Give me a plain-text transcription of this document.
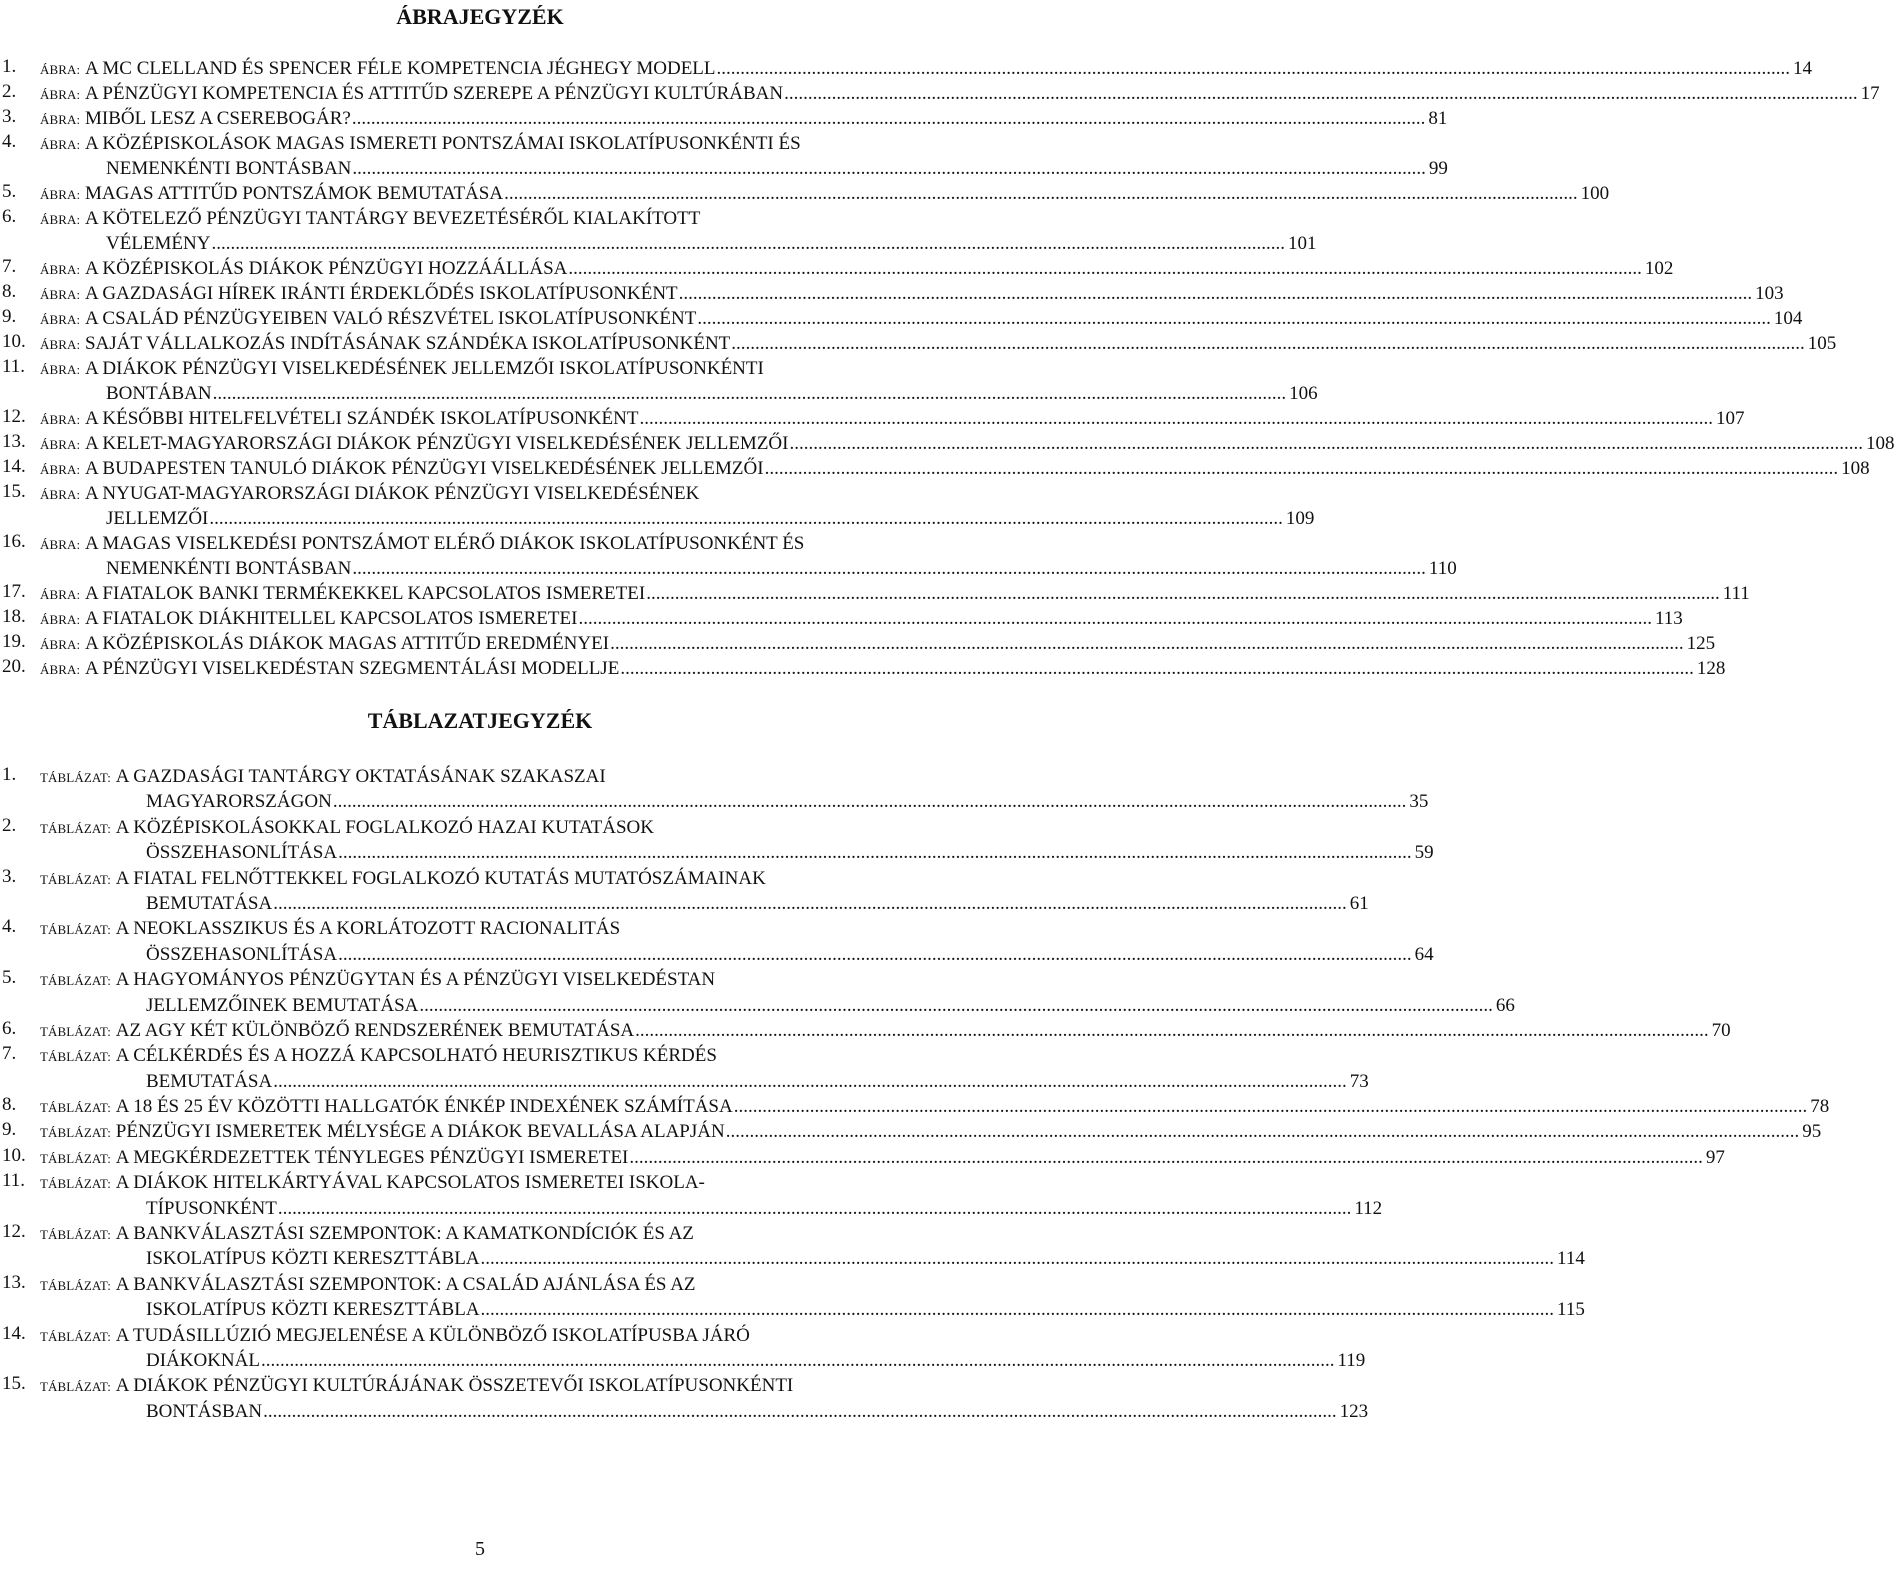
ÁBRAJEGYZÉK
1.	ÁBRA:
A MC CLELLAND ÉS SPENCER FÉLE KOMPETENCIA JÉGHEGY MODELL .....	14
2.	ÁBRA:
A PÉNZÜGYI KOMPETENCIA ÉS ATTITŰD SZEREPE A PÉNZÜGYI KULTÚRÁBAN .....	17
3.	ÁBRA:
MIBŐL LESZ A CSEREBOGÁR? .....	81
4.	ÁBRA:
A KÖZÉPISKOLÁSOK MAGAS ISMERETI PONTSZÁMAI ISKOLATÍPUSONKÉNTI ÉS
NEMENKÉNTI BONTÁSBAN .....	99
5.	ÁBRA:
MAGAS ATTITŰD PONTSZÁMOK BEMUTATÁSA .....	100
6.	ÁBRA:
A KÖTELEZŐ PÉNZÜGYI TANTÁRGY BEVEZETÉSÉRŐL KIALAKÍTOTT
VÉLEMÉNY .....	101
7.	ÁBRA:
A KÖZÉPISKOLÁS DIÁKOK PÉNZÜGYI HOZZÁÁLLÁSA .....	102
8.	ÁBRA:
A GAZDASÁGI HÍREK IRÁNTI ÉRDEKLŐDÉS ISKOLATÍPUSONKÉNT .....	103
9.	ÁBRA:
A CSALÁD PÉNZÜGYEIBEN VALÓ RÉSZVÉTEL ISKOLATÍPUSONKÉNT .....	104
10.	ÁBRA:
SAJÁT VÁLLALKOZÁS INDÍTÁSÁNAK SZÁNDÉKA ISKOLATÍPUSONKÉNT .....	105
11.	ÁBRA:
A DIÁKOK PÉNZÜGYI VISELKEDÉSÉNEK JELLEMZŐI ISKOLATÍPUSONKÉNTI
BONTÁBAN .....	106
12.	ÁBRA:
A KÉSŐBBI HITELFELVÉTELI SZÁNDÉK ISKOLATÍPUSONKÉNT .....	107
13.	ÁBRA:
A KELET-MAGYARORSZÁGI DIÁKOK PÉNZÜGYI VISELKEDÉSÉNEK JELLEMZŐI .....	108
14.	ÁBRA:
A BUDAPESTEN TANULÓ DIÁKOK PÉNZÜGYI VISELKEDÉSÉNEK JELLEMZŐI .....	108
15.	ÁBRA:
A NYUGAT-MAGYARORSZÁGI DIÁKOK PÉNZÜGYI VISELKEDÉSÉNEK
JELLEMZŐI .....	109
16.	ÁBRA:
A MAGAS VISELKEDÉSI PONTSZÁMOT ELÉRŐ DIÁKOK ISKOLATÍPUSONKÉNT ÉS
NEMENKÉNTI BONTÁSBAN .....	110
17.	ÁBRA:
A FIATALOK BANKI TERMÉKEKKEL KAPCSOLATOS ISMERETEI .....	111
18.	ÁBRA:
A FIATALOK DIÁKHITELLEL KAPCSOLATOS ISMERETEI .....	113
19.	ÁBRA:
A KÖZÉPISKOLÁS DIÁKOK MAGAS ATTITŰD EREDMÉNYEI .....	125
20.	ÁBRA:
A PÉNZÜGYI VISELKEDÉSTAN SZEGMENTÁLÁSI MODELLJE .....	128
TÁBLAZATJEGYZÉK
1.	TÁBLÁZAT:
A GAZDASÁGI TANTÁRGY OKTATÁSÁNAK SZAKASZAI
MAGYARORSZÁGON .....	35
2.	TÁBLÁZAT:
A KÖZÉPISKOLÁSOKKAL FOGLALKOZÓ HAZAI KUTATÁSOK
ÖSSZEHASONLÍTÁSA .....	59
3.	TÁBLÁZAT:
A FIATAL FELNŐTTEKKEL FOGLALKOZÓ KUTATÁS MUTATÓSZÁMAINAK
BEMUTATÁSA .....	61
4.	TÁBLÁZAT:
A NEOKLASSZIKUS ÉS A KORLÁTOZOTT RACIONALITÁS
ÖSSZEHASONLÍTÁSA .....	64
5.	TÁBLÁZAT:
A HAGYOMÁNYOS PÉNZÜGYTAN ÉS A PÉNZÜGYI VISELKEDÉSTAN
JELLEMZŐINEK BEMUTATÁSA .....	66
6.	TÁBLÁZAT:
AZ AGY KÉT KÜLÖNBÖZŐ RENDSZERÉNEK BEMUTATÁSA .....	70
7.	TÁBLÁZAT:
A CÉLKÉRDÉS ÉS A HOZZÁ KAPCSOLHATÓ HEURISZTIKUS KÉRDÉS
BEMUTATÁSA .....	73
8.	TÁBLÁZAT:
A 18 ÉS 25 ÉV KÖZÖTTI HALLGATÓK ÉNKÉP INDEXÉNEK SZÁMÍTÁSA .....	78
9.	TÁBLÁZAT:
PÉNZÜGYI ISMERETEK MÉLYSÉGE A DIÁKOK BEVALLÁSA ALAPJÁN .....	95
10.	TÁBLÁZAT:
A MEGKÉRDEZETTEK TÉNYLEGES PÉNZÜGYI ISMERETEI .....	97
11.	TÁBLÁZAT:
A DIÁKOK HITELKÁRTYÁVAL KAPCSOLATOS ISMERETEI ISKOLA-
TÍPUSONKÉNT .....	112
12.	TÁBLÁZAT:
A BANKVÁLASZTÁSI SZEMPONTOK: A KAMATKONDÍCIÓK ÉS AZ
ISKOLATÍPUS KÖZTI KERESZTTÁBLA .....	114
13.	TÁBLÁZAT:
A BANKVÁLASZTÁSI SZEMPONTOK: A CSALÁD AJÁNLÁSA ÉS AZ
ISKOLATÍPUS KÖZTI KERESZTTÁBLA .....	115
14.	TÁBLÁZAT:
A TUDÁSILLÚZIÓ MEGJELENÉSE A KÜLÖNBÖZŐ ISKOLATÍPUSBA JÁRÓ
DIÁKOKNÁL .....	119
15.	TÁBLÁZAT:
A DIÁKOK PÉNZÜGYI KULTÚRÁJÁNAK ÖSSZETEVŐI ISKOLATÍPUSONKÉNTI
BONTÁSBAN .....	123
5
